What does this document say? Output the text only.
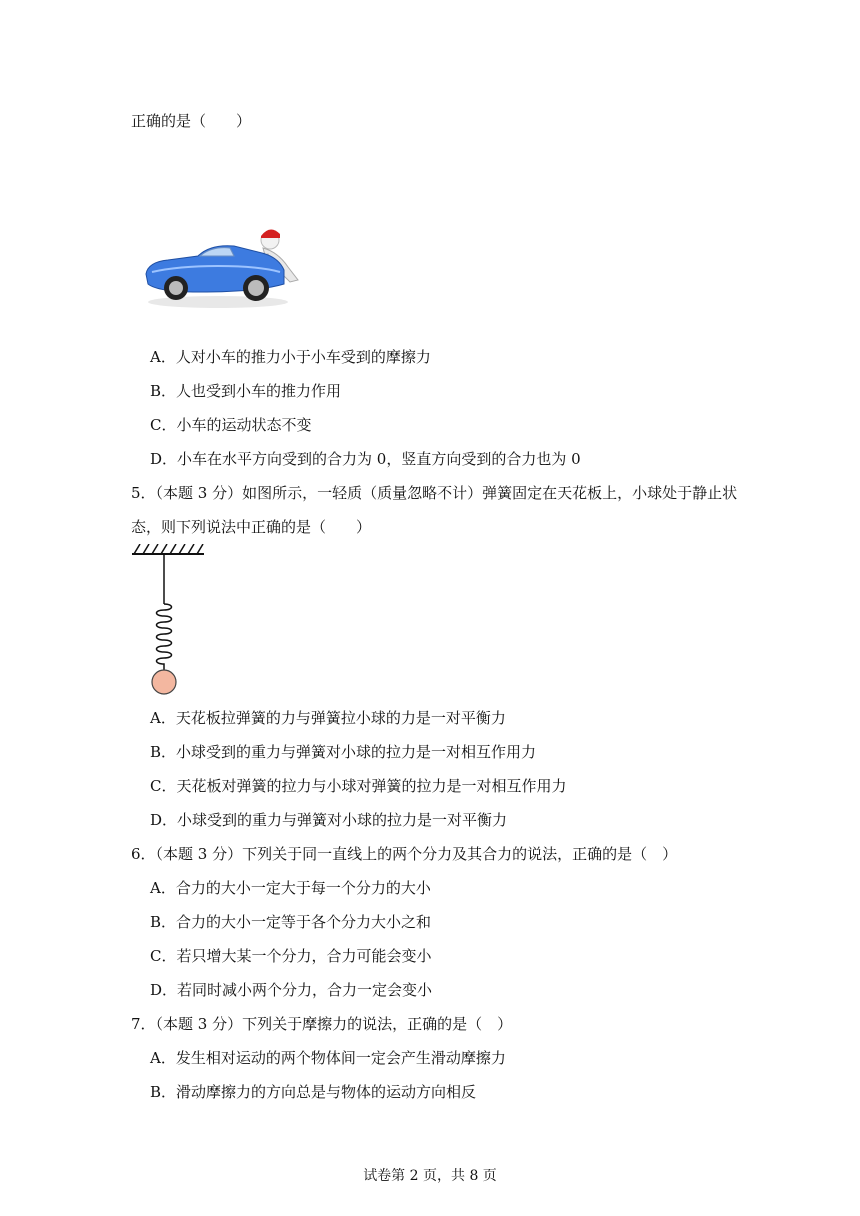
正确的是（　　）
A．人对小车的推力小于小车受到的摩擦力
B．人也受到小车的推力作用
C．小车的运动状态不变
D．小车在水平方向受到的合力为 0，竖直方向受到的合力也为 0
5．（本题 3 分）如图所示，一轻质（质量忽略不计）弹簧固定在天花板上，小球处于静止状
态，则下列说法中正确的是（　　）
A．天花板拉弹簧的力与弹簧拉小球的力是一对平衡力
B．小球受到的重力与弹簧对小球的拉力是一对相互作用力
C．天花板对弹簧的拉力与小球对弹簧的拉力是一对相互作用力
D．小球受到的重力与弹簧对小球的拉力是一对平衡力
6．（本题 3 分）下列关于同一直线上的两个分力及其合力的说法，正确的是（　）
A．合力的大小一定大于每一个分力的大小
B．合力的大小一定等于各个分力大小之和
C．若只增大某一个分力，合力可能会变小
D．若同时减小两个分力，合力一定会变小
7．（本题 3 分）下列关于摩擦力的说法，正确的是（　）
A．发生相对运动的两个物体间一定会产生滑动摩擦力
B．滑动摩擦力的方向总是与物体的运动方向相反
试卷第 2 页，共 8 页
